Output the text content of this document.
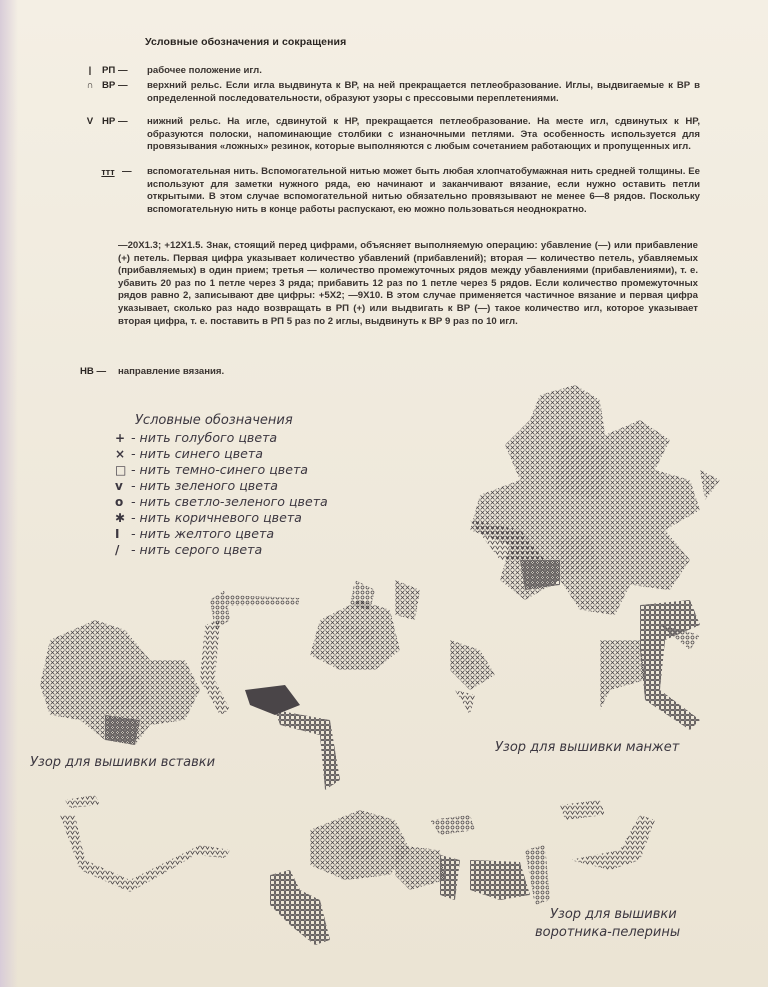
Условные обозначения и сокращения
|	РП — рабочее положение игл.
∩ ВР — верхний рельс. Если игла выдвинута к ВР, на ней прекращается петлеобразование. Иглы, выдвигаемые к ВР в определенной последовательности, образуют узоры с прессовыми переплетениями.
V НР — нижний рельс. На игле, сдвинутой к НР, прекращается петлеобразование. На месте игл, сдвинутых к НР, образуются полоски, напоминающие столбики с изнаночными петлями. Эта особенность используется для провязывания «ложных» резинок, которые выполняются с любым сочетанием работающих и пропущенных игл.
ттт — вспомогательная нить. Вспомогательной нитью может быть любая хлопчатобумажная нить средней толщины. Ее используют для заметки нужного ряда, ею начинают и заканчивают вязание, если нужно оставить петли открытыми. В этом случае вспомогательной нитью обязательно провязывают не менее 6—8 рядов. Поскольку вспомогательную нить в конце работы распускают, ею можно пользоваться неоднократно.
НВ — направление вязания.
—20X1.3; +12X1.5. Знак, стоящий перед цифрами, объясняет выполняемую операцию: убавление (—) или прибавление (+) петель. Первая цифра указывает количество убавлений (прибавлений); вторая — количество петель, убавляемых (прибавляемых) в один прием; третья — количество промежуточных рядов между убавлениями (прибавлениями), т. е. убавить 20 раз по 1 петле через 3 ряда; прибавить 12 раз по 1 петле через 5 рядов. Если количество промежуточных рядов равно 2, записывают две цифры: +5X2; —9X10. В этом случае применяется частичное вязание и первая цифра указывает, сколько раз надо возвращать в РП (+) или выдвигать к ВР (—) такое количество игл, которое указывает вторая цифра, т. е. поставить в РП 5 раз по 2 иглы, выдвинуть к ВР 9 раз по 10 игл.
Условные обозначения
+ - нить голубого цвета
× - нить синего цвета
□ - нить темно-синего цвета
v - нить зеленого цвета
o - нить светло-зеленого цвета
✱ - нить коричневого цвета
I - нить желтого цвета
/ - нить серого цвета
Узор для вышивки вставки
Узор для вышивки манжет
Узор для вышивки
воротника-пелерины
